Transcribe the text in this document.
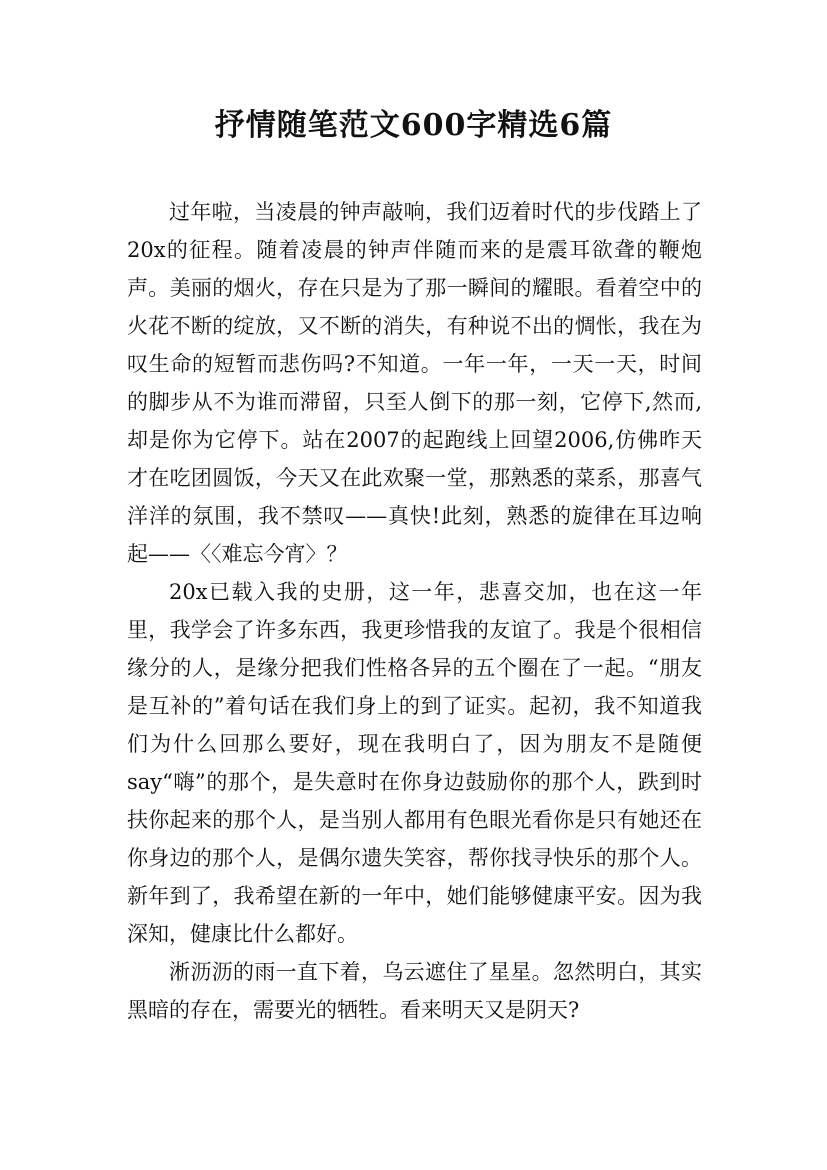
抒情随笔范文600字精选6篇

过年啦，当凌晨的钟声敲响，我们迈着时代的步伐踏上了20x的征程。随着凌晨的钟声伴随而来的是震耳欲聋的鞭炮声。美丽的烟火，存在只是为了那一瞬间的耀眼。看着空中的火花不断的绽放，又不断的消失，有种说不出的惆怅，我在为叹生命的短暂而悲伤吗?不知道。一年一年，一天一天，时间的脚步从不为谁而滞留，只至人倒下的那一刻，它停下,然而,却是你为它停下。站在2007的起跑线上回望2006,仿佛昨天才在吃团圆饭，今天又在此欢聚一堂，那熟悉的菜系，那喜气洋洋的氛围，我不禁叹——真快!此刻，熟悉的旋律在耳边响起——〈〈难忘今宵〉？

20x已载入我的史册，这一年，悲喜交加，也在这一年里，我学会了许多东西，我更珍惜我的友谊了。我是个很相信缘分的人，是缘分把我们性格各异的五个圈在了一起。“朋友是互补的”着句话在我们身上的到了证实。起初，我不知道我们为什么回那么要好，现在我明白了，因为朋友不是随便say“嗨”的那个，是失意时在你身边鼓励你的那个人，跌到时扶你起来的那个人，是当别人都用有色眼光看你是只有她还在你身边的那个人，是偶尔遗失笑容，帮你找寻快乐的那个人。新年到了，我希望在新的一年中，她们能够健康平安。因为我深知，健康比什么都好。

淅沥沥的雨一直下着，乌云遮住了星星。忽然明白，其实黑暗的存在，需要光的牺牲。看来明天又是阴天?
